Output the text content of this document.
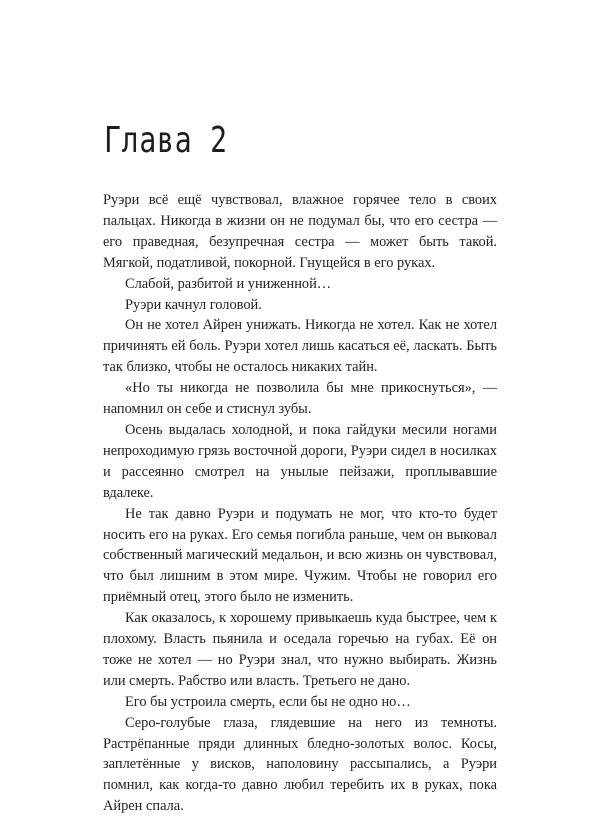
Глава 2

Руэри всё ещё чувствовал, влажное горячее тело в своих пальцах. Никогда в жизни он не подумал бы, что его сестра — его праведная, безупречная сестра — может быть такой. Мягкой, податливой, покорной. Гнущейся в его руках.

Слабой, разбитой и униженной…

Руэри качнул головой.

Он не хотел Айрен унижать. Никогда не хотел. Как не хотел причинять ей боль. Руэри хотел лишь касаться её, ласкать. Быть так близко, чтобы не осталось никаких тайн.

«Но ты никогда не позволила бы мне прикоснуться», — напомнил он себе и стиснул зубы.

Осень выдалась холодной, и пока гайдуки месили ногами непроходимую грязь восточной дороги, Руэри сидел в носилках и рассеянно смотрел на унылые пейзажи, проплывавшие вдалеке.

Не так давно Руэри и подумать не мог, что кто-то будет носить его на руках. Его семья погибла раньше, чем он выковал собственный магический медальон, и всю жизнь он чувствовал, что был лишним в этом мире. Чужим. Чтобы не говорил его приёмный отец, этого было не изменить.

Как оказалось, к хорошему привыкаешь куда быстрее, чем к плохому. Власть пьянила и оседала горечью на губах. Её он тоже не хотел — но Руэри знал, что нужно выбирать. Жизнь или смерть. Рабство или власть. Третьего не дано.

Его бы устроила смерть, если бы не одно но…

Серо-голубые глаза, глядевшие на него из темноты. Растрёпанные пряди длинных бледно-золотых волос. Косы, заплетённые у висков, наполовину рассыпались, а Руэри помнил, как когда-то давно любил теребить их в руках, пока Айрен спала.
